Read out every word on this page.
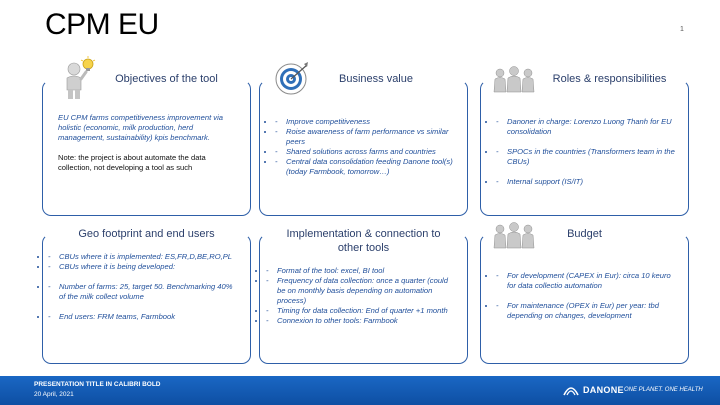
CPM EU	1
Objectives of the tool

EU CPM farms competitiveness improvement via holistic (economic, milk production, herd management, sustainability) kpis benchmark.

Note: the project is about automate the data collection, not developing a tool as such

Business value
- • Improve competitiveness
- • Roise awareness of farm performance vs similar peers
- • Shared solutions across farms and countries
- • Central data consolidation feeding Danone tool(s) (today Farmbook, tomorrow…)
Roles & responsibilities
- • Danoner in charge: Lorenzo Luong Thanh for EU consolidation
- • SPOCs in the countries (Transformers team in the CBUs)
- • Internal support (IS/IT)
Geo footprint and end users
- • CBUs where it is implemented: ES,FR,D,BE,RO,PL
- • CBUs where it is being developed:
- • Number of farms: 25, target 50. Benchmarking 40% of the milk collect volume
- • End users: FRM teams, Farmbook
Implementation & connection to
other tools
- • Format of the tool: excel, BI tool
- • Frequency of data collection: once a quarter (could be on monthly basis depending on automation process)
- • Timing for data collection: End of quarter +1 month
- • Connexion to other tools: Farmbook
Budget
- • For development (CAPEX in Eur): circa 10 keuro for data collectio automation
- • For maintenance (OPEX in Eur) per year: tbd depending on changes, development
PRESENTATION TITLE IN CALIBRI BOLD
20 April, 2021	DANONE ONE PLANET. ONE HEALTH
